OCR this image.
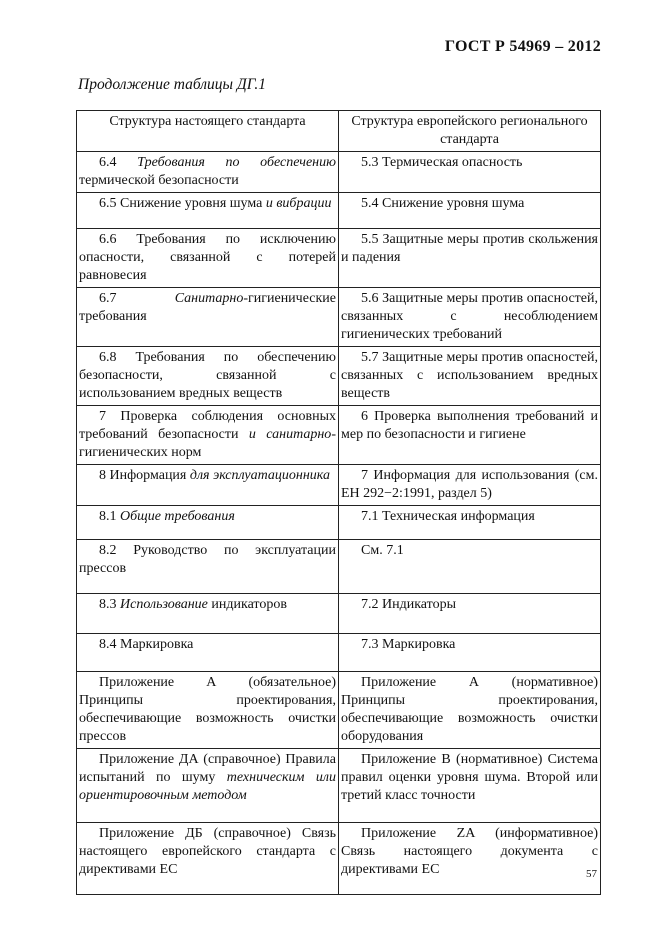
ГОСТ Р 54969 – 2012
Продолжение таблицы ДГ.1
Структура настоящего стандарта	Структура европейского регионального стандарта
6.4 Требования по обеспечению термической безопасности	5.3 Термическая опасность
6.5 Снижение уровня шума и вибрации	5.4 Снижение уровня шума
6.6 Требования по исключению опасности, связанной с потерей равновесия	5.5 Защитные меры против скольжения и падения
6.7 Санитарно-гигиенические требования	5.6 Защитные меры против опасностей, связанных с несоблюдением гигиенических требований
6.8 Требования по обеспечению безопасности, связанной с использованием вредных веществ	5.7 Защитные меры против опасностей, связанных с использованием вредных веществ
7 Проверка соблюдения основных требований безопасности и санитарно-гигиенических норм	6 Проверка выполнения требований и мер по безопасности и гигиене
8 Информация для эксплуатационника	7 Информация для использования (см. ЕН 292−2:1991, раздел 5)
8.1 Общие требования	7.1 Техническая информация
8.2 Руководство по эксплуатации прессов	См. 7.1
8.3 Использование индикаторов	7.2 Индикаторы
8.4 Маркировка	7.3 Маркировка
Приложение А (обязательное) Принципы проектирования, обеспечивающие возможность очистки прессов	Приложение А (нормативное) Принципы проектирования, обеспечивающие возможность очистки оборудования
Приложение ДА (справочное) Правила испытаний по шуму техническим или ориентировочным методом	Приложение В (нормативное) Система правил оценки уровня шума. Второй или третий класс точности
Приложение ДБ (справочное) Связь настоящего европейского стандарта с директивами ЕС	Приложение ZA (информативное) Связь настоящего документа с директивами ЕС	57
